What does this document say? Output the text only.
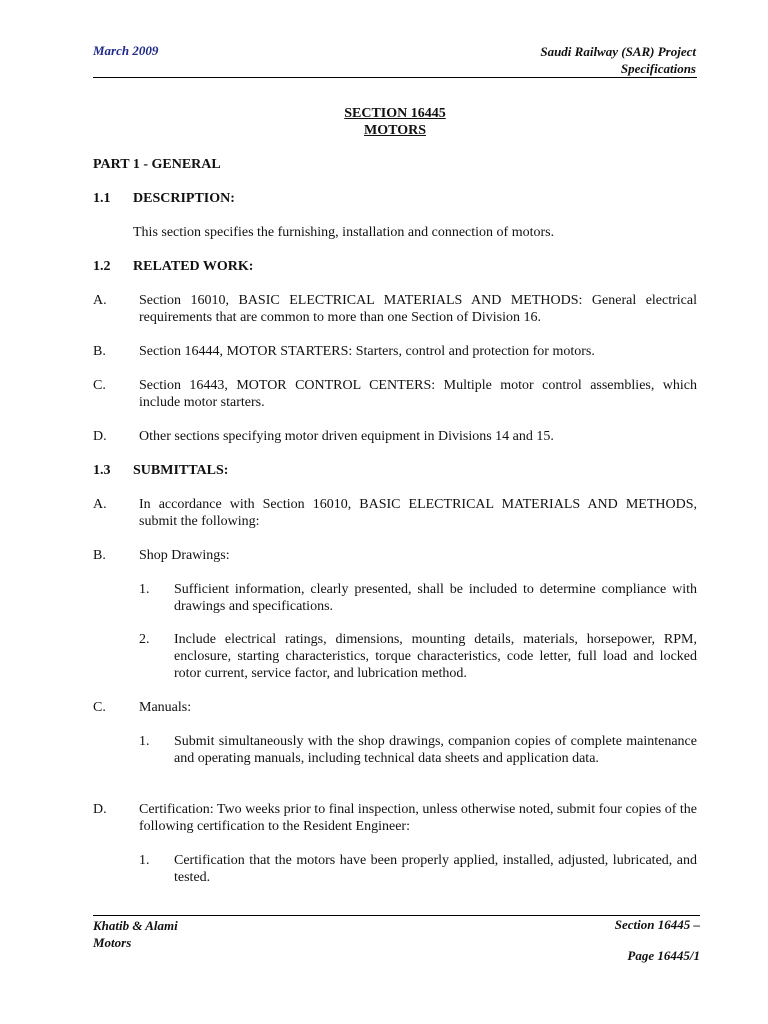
March 2009	Saudi Railway (SAR) Project
Specifications
SECTION 16445
MOTORS
PART 1 - GENERAL
1.1 DESCRIPTION:
This section specifies the furnishing, installation and connection of motors.
1.2 RELATED WORK:
A. Section 16010, BASIC ELECTRICAL MATERIALS AND METHODS: General electrical requirements that are common to more than one Section of Division 16.
B. Section 16444, MOTOR STARTERS: Starters, control and protection for motors.
C. Section 16443, MOTOR CONTROL CENTERS: Multiple motor control assemblies, which include motor starters.
D. Other sections specifying motor driven equipment in Divisions 14 and 15.
1.3 SUBMITTALS:
A. In accordance with Section 16010, BASIC ELECTRICAL MATERIALS AND METHODS, submit the following:
B. Shop Drawings:
1. Sufficient information, clearly presented, shall be included to determine compliance with drawings and specifications.
2. Include electrical ratings, dimensions, mounting details, materials, horsepower, RPM, enclosure, starting characteristics, torque characteristics, code letter, full load and locked rotor current, service factor, and lubrication method.
C. Manuals:
1. Submit simultaneously with the shop drawings, companion copies of complete maintenance and operating manuals, including technical data sheets and application data.
D. Certification: Two weeks prior to final inspection, unless otherwise noted, submit four copies of the following certification to the Resident Engineer:
1. Certification that the motors have been properly applied, installed, adjusted, lubricated, and tested.
Khatib & Alami
Motors
Section 16445 –
Page 16445/1
